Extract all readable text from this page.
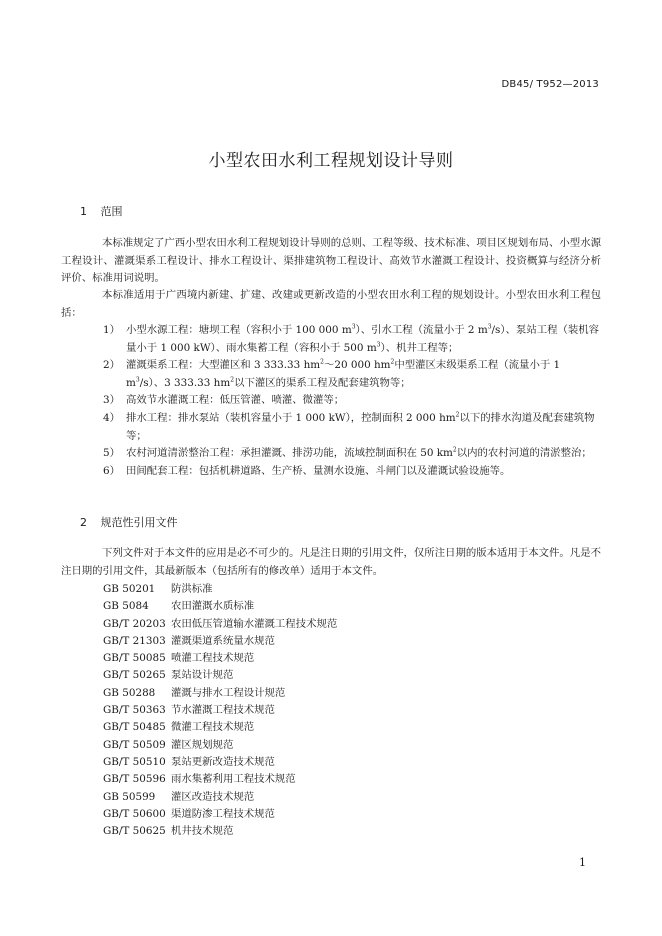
DB45/ T952—2013
小型农田水利工程规划设计导则
1 范围
本标准规定了广西小型农田水利工程规划设计导则的总则、工程等级、技术标准、项目区规划布局、小型水源工程设计、灌溉渠系工程设计、排水工程设计、渠排建筑物工程设计、高效节水灌溉工程设计、投资概算与经济分析评价、标准用词说明。
本标准适用于广西境内新建、扩建、改建或更新改造的小型农田水利工程的规划设计。小型农田水利工程包括：
1） 小型水源工程：塘坝工程（容积小于 100 000 $m^3$）、引水工程（流量小于 2 $m^3/s$）、泵站工程（装机容量小于 1 000 kW）、雨水集蓄工程（容积小于 500 $m^3$）、机井工程等；
2） 灌溉渠系工程：大型灌区和 3 333.33 $hm^2\sim 20$ 000 $hm^2$中型灌区末级渠系工程（流量小于 1 $m^3/s$）、3 333.33 $hm^2$以下灌区的渠系工程及配套建筑物等；
3） 高效节水灌溉工程：低压管灌、喷灌、微灌等；
4） 排水工程：排水泵站（装机容量小于 1 000 kW），控制面积 2 000 $hm^2$以下的排水沟道及配套建筑物等；
5） 农村河道清淤整治工程：承担灌溉、排涝功能，流域控制面积在 50 $km^2$以内的农村河道的清淤整治；
6） 田间配套工程：包括机耕道路、生产桥、量测水设施、斗闸门以及灌溉试验设施等。
2 规范性引用文件
下列文件对于本文件的应用是必不可少的。凡是注日期的引用文件，仅所注日期的版本适用于本文件。凡是不注日期的引用文件，其最新版本（包括所有的修改单）适用于本文件。
GB 50201 防洪标准
GB 5084 农田灌溉水质标准
GB/T 20203 农田低压管道输水灌溉工程技术规范
GB/T 21303 灌溉渠道系统量水规范
GB/T 50085 喷灌工程技术规范
GB/T 50265 泵站设计规范
GB 50288 灌溉与排水工程设计规范
GB/T 50363 节水灌溉工程技术规范
GB/T 50485 微灌工程技术规范
GB/T 50509 灌区规划规范
GB/T 50510 泵站更新改造技术规范
GB/T 50596 雨水集蓄利用工程技术规范
GB 50599 灌区改造技术规范
GB/T 50600 渠道防渗工程技术规范
GB/T 50625 机井技术规范
1
